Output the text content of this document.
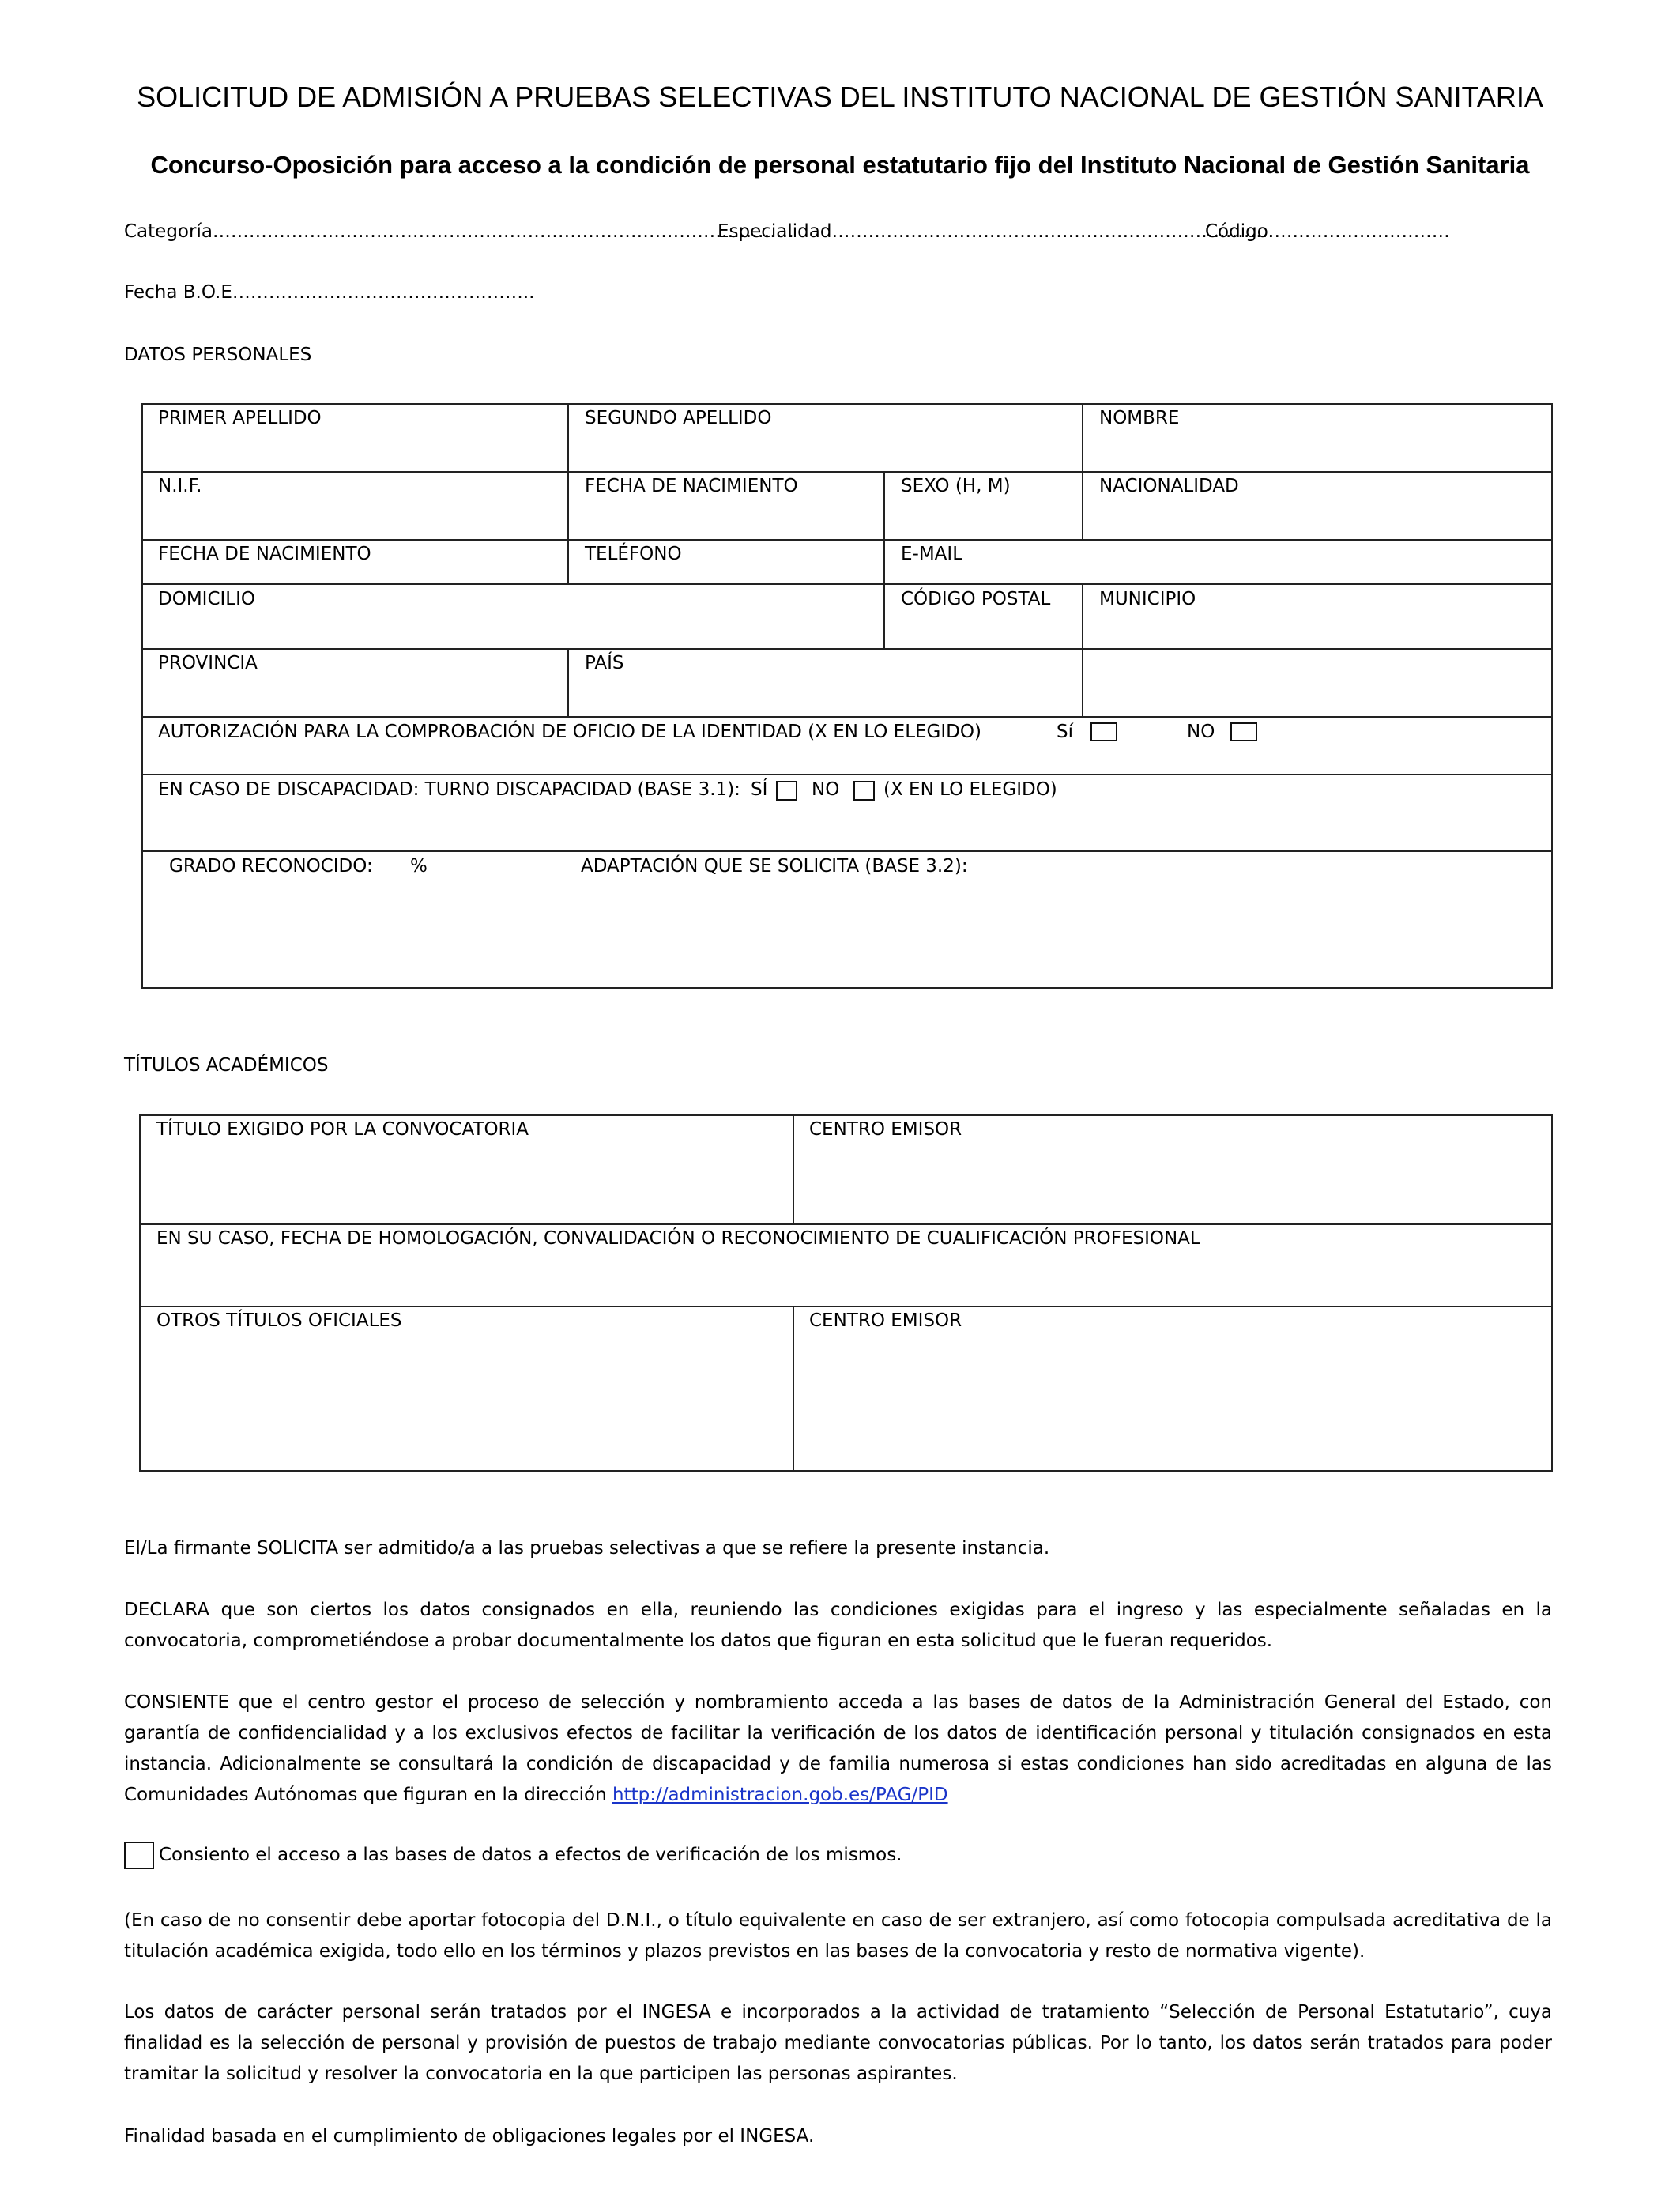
SOLICITUD DE ADMISIÓN A PRUEBAS SELECTIVAS DEL INSTITUTO NACIONAL DE GESTIÓN SANITARIA
Concurso-Oposición para acceso a la condición de personal estatutario fijo del Instituto Nacional de Gestión Sanitaria
Categoría……………………………………………………………………………………
Especialidad……………………………………………………………….
Código…………………………
Fecha B.O.E…………………………………………..
DATOS PERSONALES
PRIMER APELLIDO	SEGUNDO APELLIDO	NOMBRE
N.I.F.	FECHA DE NACIMIENTO	SEXO (H, M)	NACIONALIDAD
FECHA DE NACIMIENTO	TELÉFONO	E-MAIL
DOMICILIO	CÓDIGO POSTAL	MUNICIPIO
PROVINCIA	PAÍS
AUTORIZACIÓN PARA LA COMPROBACIÓN DE OFICIO DE LA IDENTIDAD (X EN LO ELEGIDO)	Sí	NO
EN CASO DE DISCAPACIDAD: TURNO DISCAPACIDAD (BASE 3.1): SÍ NO (X EN LO ELEGIDO)
GRADO RECONOCIDO: %	ADAPTACIÓN QUE SE SOLICITA (BASE 3.2):
TÍTULOS ACADÉMICOS
TÍTULO EXIGIDO POR LA CONVOCATORIA	CENTRO EMISOR
EN SU CASO, FECHA DE HOMOLOGACIÓN, CONVALIDACIÓN O RECONOCIMIENTO DE CUALIFICACIÓN PROFESIONAL
OTROS TÍTULOS OFICIALES	CENTRO EMISOR
El/La firmante SOLICITA ser admitido/a a las pruebas selectivas a que se refiere la presente instancia.
DECLARA que son ciertos los datos consignados en ella, reuniendo las condiciones exigidas para el ingreso y las especialmente señaladas en la convocatoria, comprometiéndose a probar documentalmente los datos que figuran en esta solicitud que le fueran requeridos.
CONSIENTE que el centro gestor el proceso de selección y nombramiento acceda a las bases de datos de la Administración General del Estado, con garantía de confidencialidad y a los exclusivos efectos de facilitar la verificación de los datos de identificación personal y titulación consignados en esta instancia. Adicionalmente se consultará la condición de discapacidad y de familia numerosa si estas condiciones han sido acreditadas en alguna de las Comunidades Autónomas que figuran en la dirección http://administracion.gob.es/PAG/PID
Consiento el acceso a las bases de datos a efectos de verificación de los mismos.
(En caso de no consentir debe aportar fotocopia del D.N.I., o título equivalente en caso de ser extranjero, así como fotocopia compulsada acreditativa de la titulación académica exigida, todo ello en los términos y plazos previstos en las bases de la convocatoria y resto de normativa vigente).
Los datos de carácter personal serán tratados por el INGESA e incorporados a la actividad de tratamiento “Selección de Personal Estatutario”, cuya finalidad es la selección de personal y provisión de puestos de trabajo mediante convocatorias públicas. Por lo tanto, los datos serán tratados para poder tramitar la solicitud y resolver la convocatoria en la que participen las personas aspirantes.
Finalidad basada en el cumplimiento de obligaciones legales por el INGESA.
